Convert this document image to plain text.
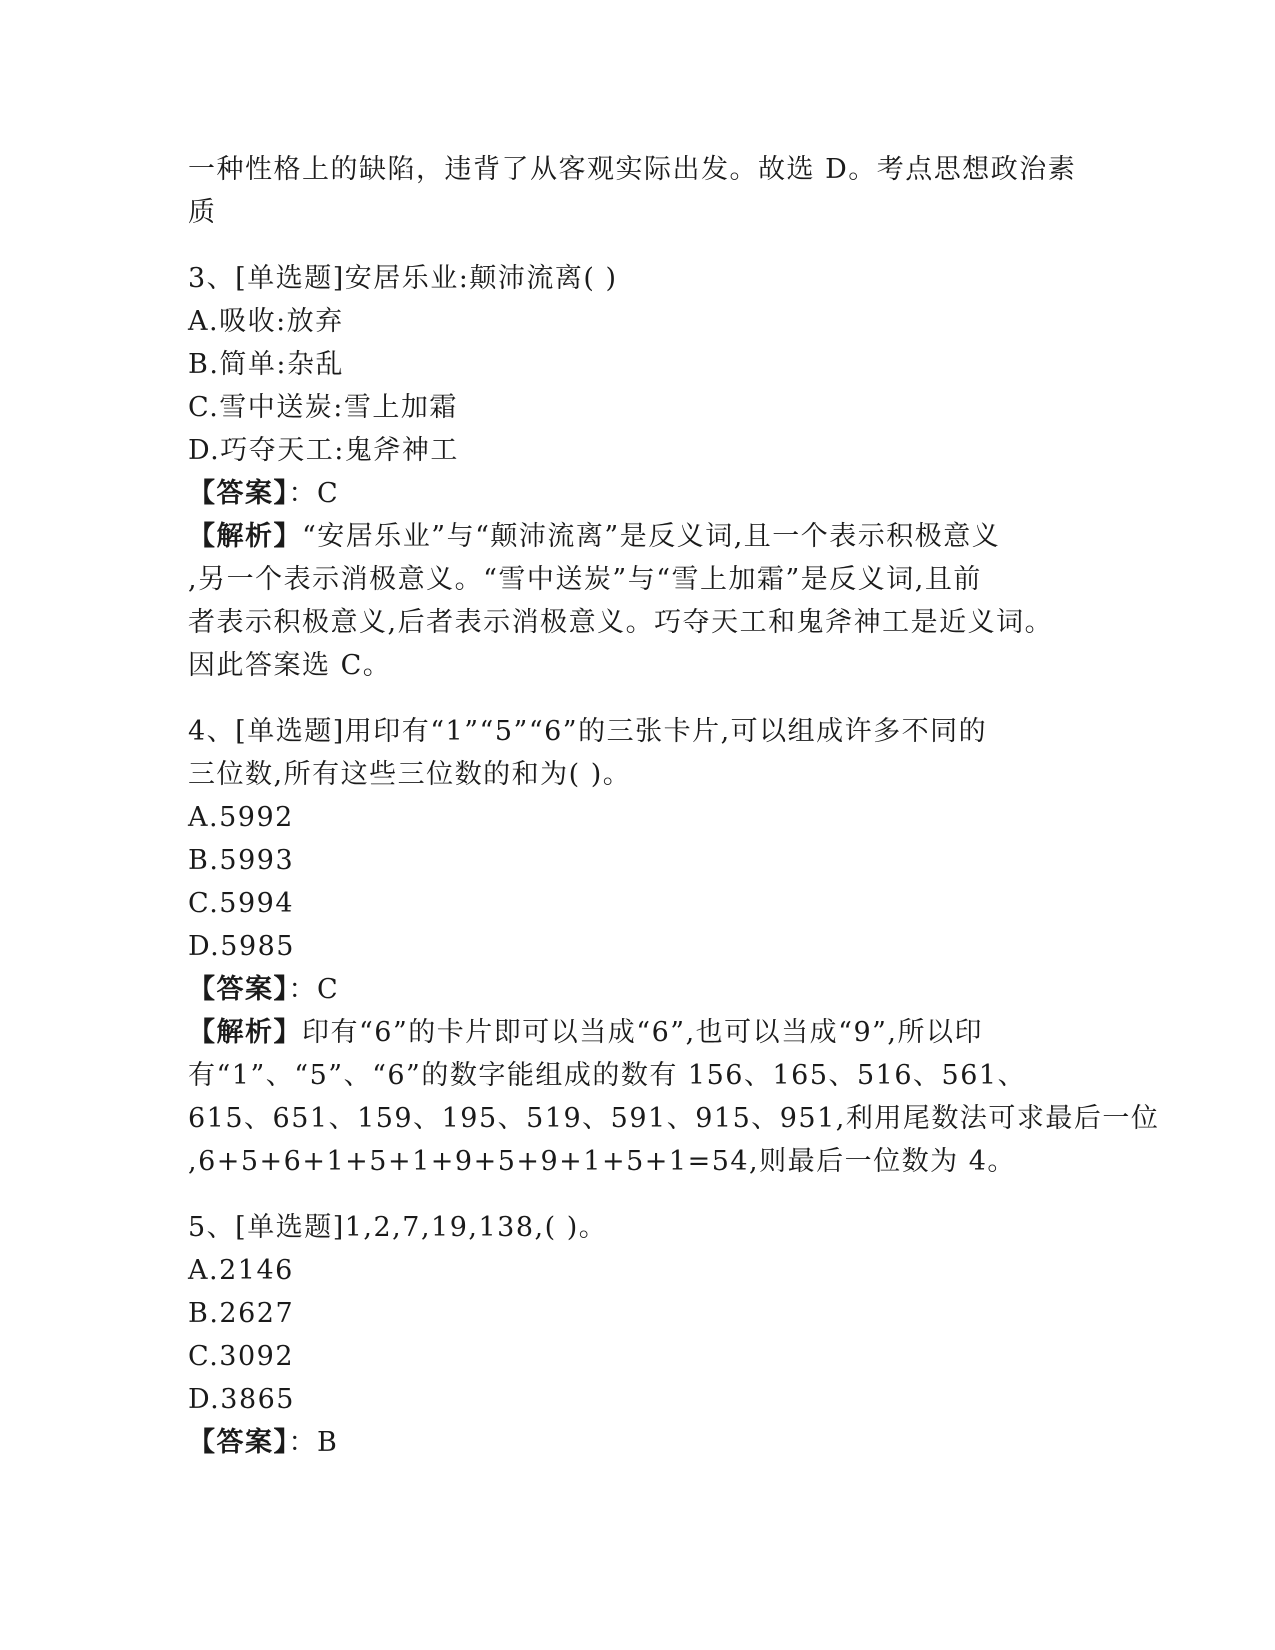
一种性格上的缺陷，违背了从客观实际出发。故选 D。考点思想政治素
质
3、[单选题]安居乐业:颠沛流离( )
A.吸收:放弃
B.简单:杂乱
C.雪中送炭:雪上加霜
D.巧夺天工:鬼斧神工
【答案】：C
【解析】“安居乐业”与“颠沛流离”是反义词,且一个表示积极意义
,另一个表示消极意义。“雪中送炭”与“雪上加霜”是反义词,且前
者表示积极意义,后者表示消极意义。巧夺天工和鬼斧神工是近义词。
因此答案选 C。
4、[单选题]用印有“1”“5”“6”的三张卡片,可以组成许多不同的
三位数,所有这些三位数的和为( )。
A.5992
B.5993
C.5994
D.5985
【答案】：C
【解析】印有“6”的卡片即可以当成“6”,也可以当成“9”,所以印
有“1”、“5”、“6”的数字能组成的数有 156、165、516、561、
615、651、159、195、519、591、915、951,利用尾数法可求最后一位
,6+5+6+1+5+1+9+5+9+1+5+1=54,则最后一位数为 4。
5、[单选题]1,2,7,19,138,( )。
A.2146
B.2627
C.3092
D.3865
【答案】：B
